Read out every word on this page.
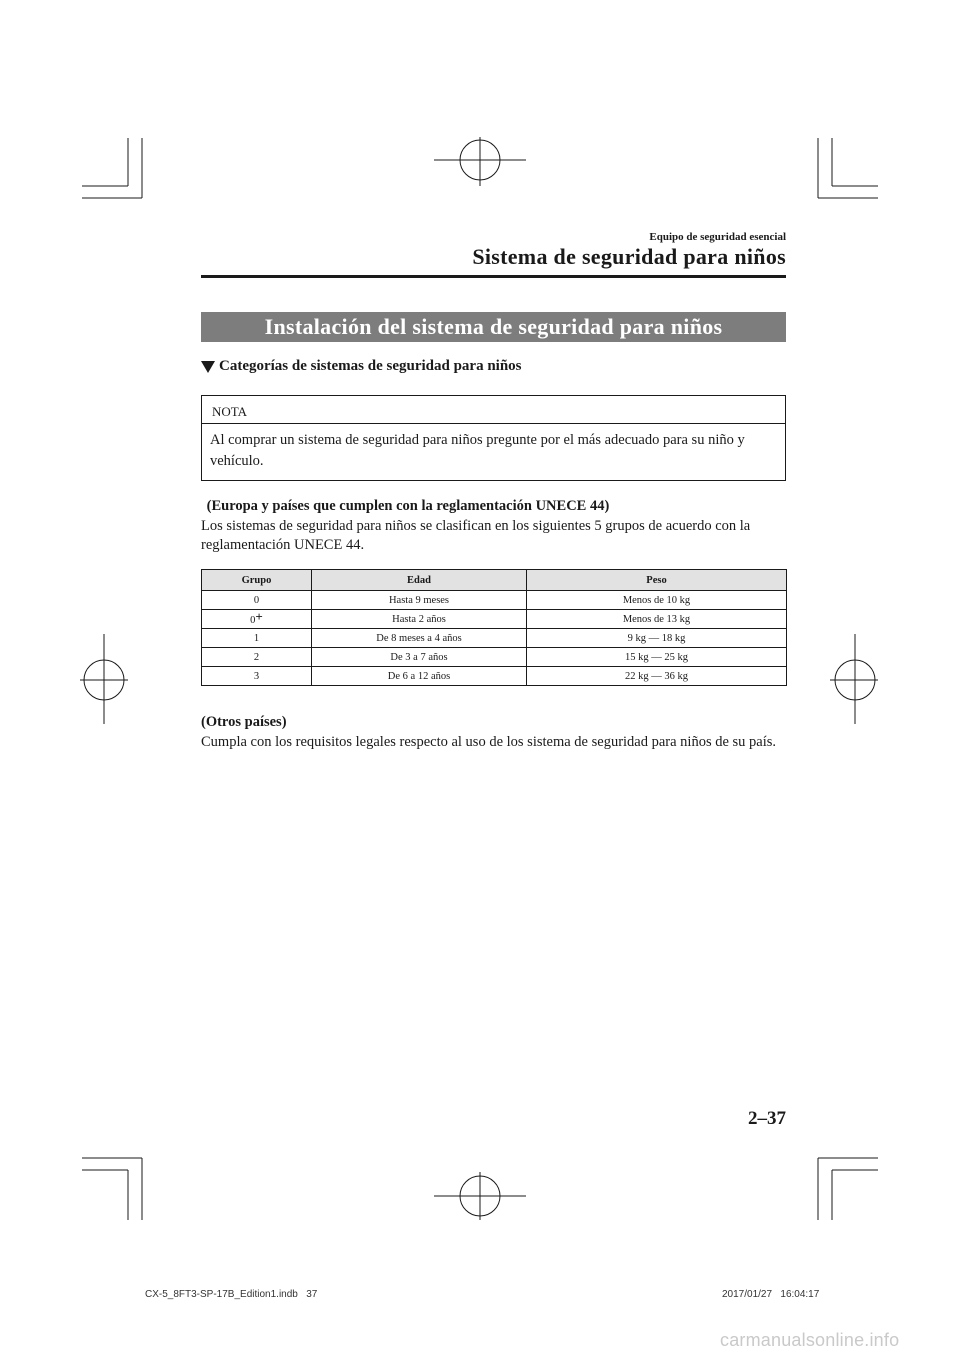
Equipo de seguridad esencial
Sistema de seguridad para niños
Instalación del sistema de seguridad para niños
Categorías de sistemas de seguridad para niños
NOTA
Al comprar un sistema de seguridad para niños pregunte por el más adecuado para su niño y vehículo.
(Europa y países que cumplen con la reglamentación UNECE 44)
Los sistemas de seguridad para niños se clasifican en los siguientes 5 grupos de acuerdo con la reglamentación UNECE 44.
Grupo	Edad	Peso
0	Hasta 9 meses	Menos de 10 kg
0+	Hasta 2 años	Menos de 13 kg
1	De 8 meses a 4 años	9 kg — 18 kg
2	De 3 a 7 años	15 kg — 25 kg
3	De 6 a 12 años	22 kg — 36 kg
(Otros países)
Cumpla con los requisitos legales respecto al uso de los sistema de seguridad para niños de su país.
2–37
CX-5_8FT3-SP-17B_Edition1.indb   37	2017/01/27   16:04:17
carmanualsonline.info
